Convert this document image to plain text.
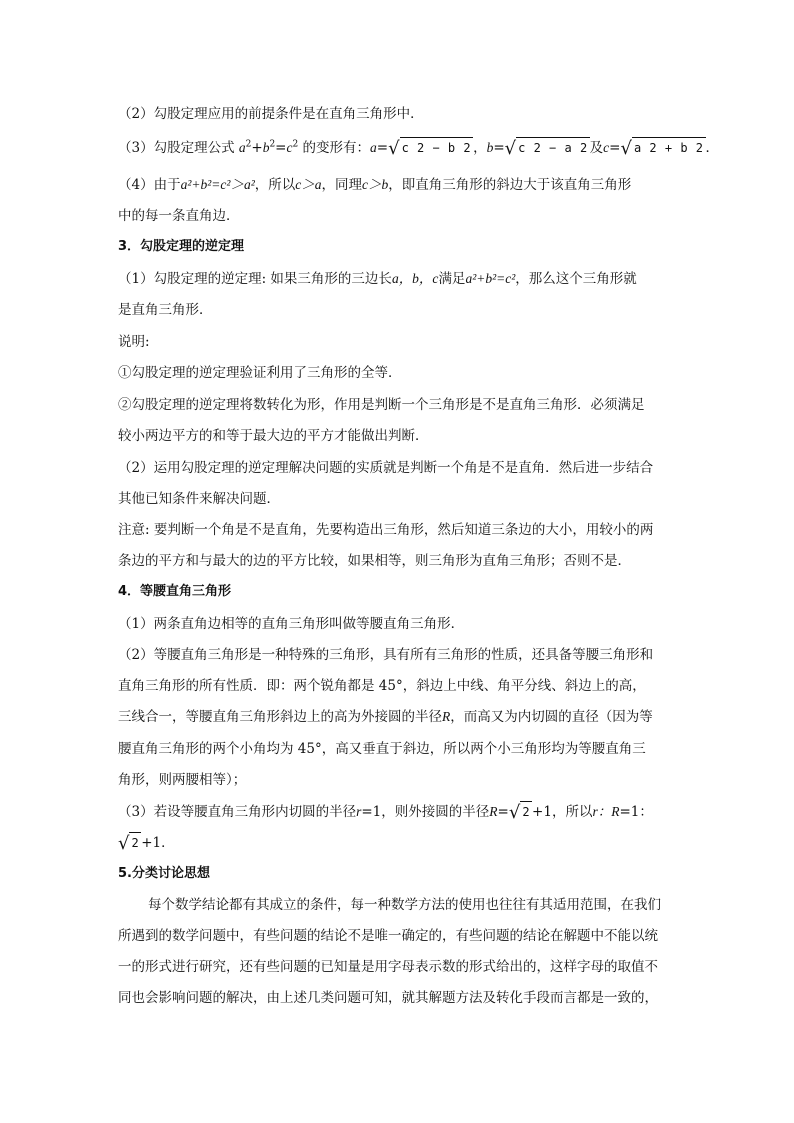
（2）勾股定理应用的前提条件是在直角三角形中．
（3）勾股定理公式 $a^2+b^2=c^2$ 的变形有：a=√ c 2 − b 2 ，b=√ c 2 − a 2 及c=√ a 2 + b 2 ．
（4）由于a²+b²=c²＞a²，所以c＞a，同理c＞b，即直角三角形的斜边大于该直角三角形
中的每一条直角边．
3．勾股定理的逆定理
（1）勾股定理的逆定理: 如果三角形的三边长a，b，c满足a²+b²=c²，那么这个三角形就
是直角三角形．
说明:
①勾股定理的逆定理验证利用了三角形的全等．
②勾股定理的逆定理将数转化为形，作用是判断一个三角形是不是直角三角形．必须满足
较小两边平方的和等于最大边的平方才能做出判断．
（2）运用勾股定理的逆定理解决问题的实质就是判断一个角是不是直角．然后进一步结合
其他已知条件来解决问题．
注意: 要判断一个角是不是直角，先要构造出三角形，然后知道三条边的大小，用较小的两
条边的平方和与最大的边的平方比较，如果相等，则三角形为直角三角形；否则不是．
4．等腰直角三角形
（1）两条直角边相等的直角三角形叫做等腰直角三角形．
（2）等腰直角三角形是一种特殊的三角形，具有所有三角形的性质，还具备等腰三角形和
直角三角形的所有性质．即：两个锐角都是 45°，斜边上中线、角平分线、斜边上的高，
三线合一，等腰直角三角形斜边上的高为外接圆的半径R，而高又为内切圆的直径（因为等
腰直角三角形的两个小角均为 45°，高又垂直于斜边，所以两个小三角形均为等腰直角三
角形，则两腰相等）；
（3）若设等腰直角三角形内切圆的半径r=1，则外接圆的半径R=√ 2 +1，所以r：R=1：
√ 2 +1．
5.分类讨论思想
每个数学结论都有其成立的条件，每一种数学方法的使用也往往有其适用范围，在我们
所遇到的数学问题中，有些问题的结论不是唯一确定的，有些问题的结论在解题中不能以统
一的形式进行研究，还有些问题的已知量是用字母表示数的形式给出的，这样字母的取值不
同也会影响问题的解决，由上述几类问题可知，就其解题方法及转化手段而言都是一致的，
